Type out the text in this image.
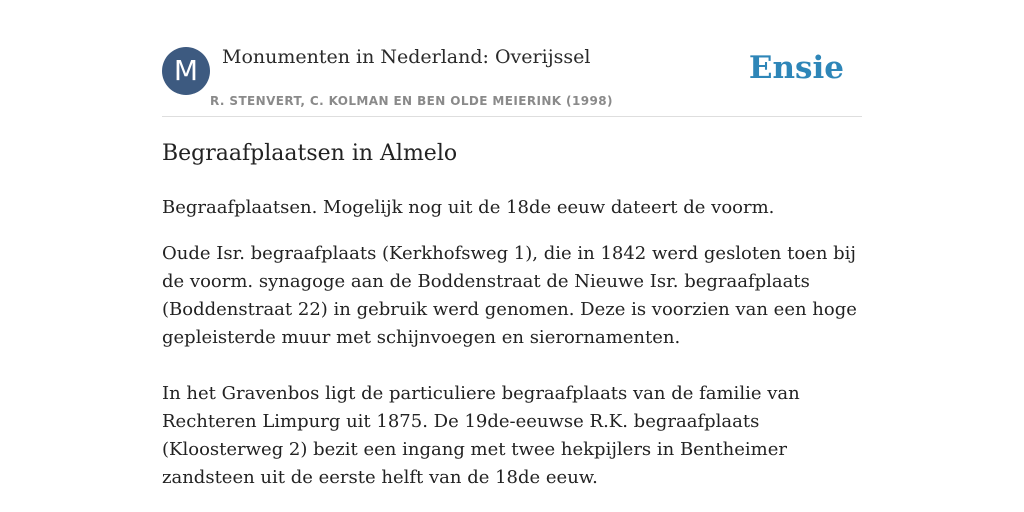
M	Monumenten in Nederland: Overijssel
R. STENVERT, C. KOLMAN EN BEN OLDE MEIERINK (1998)
Ensie
Begraafplaatsen in Almelo

Begraafplaatsen. Mogelijk nog uit de 18de eeuw dateert de voorm.

Oude Isr. begraafplaats (Kerkhofsweg 1), die in 1842 werd gesloten toen bij de voorm. synagoge aan de Boddenstraat de Nieuwe Isr. begraafplaats (Boddenstraat 22) in gebruik werd genomen. Deze is voorzien van een hoge gepleisterde muur met schijnvoegen en sierornamenten.

In het Gravenbos ligt de particuliere begraafplaats van de familie van Rechteren Limpurg uit 1875. De 19de-eeuwse R.K. begraafplaats (Kloosterweg 2) bezit een ingang met twee hekpijlers in Bentheimer zandsteen uit de eerste helft van de 18de eeuw.
